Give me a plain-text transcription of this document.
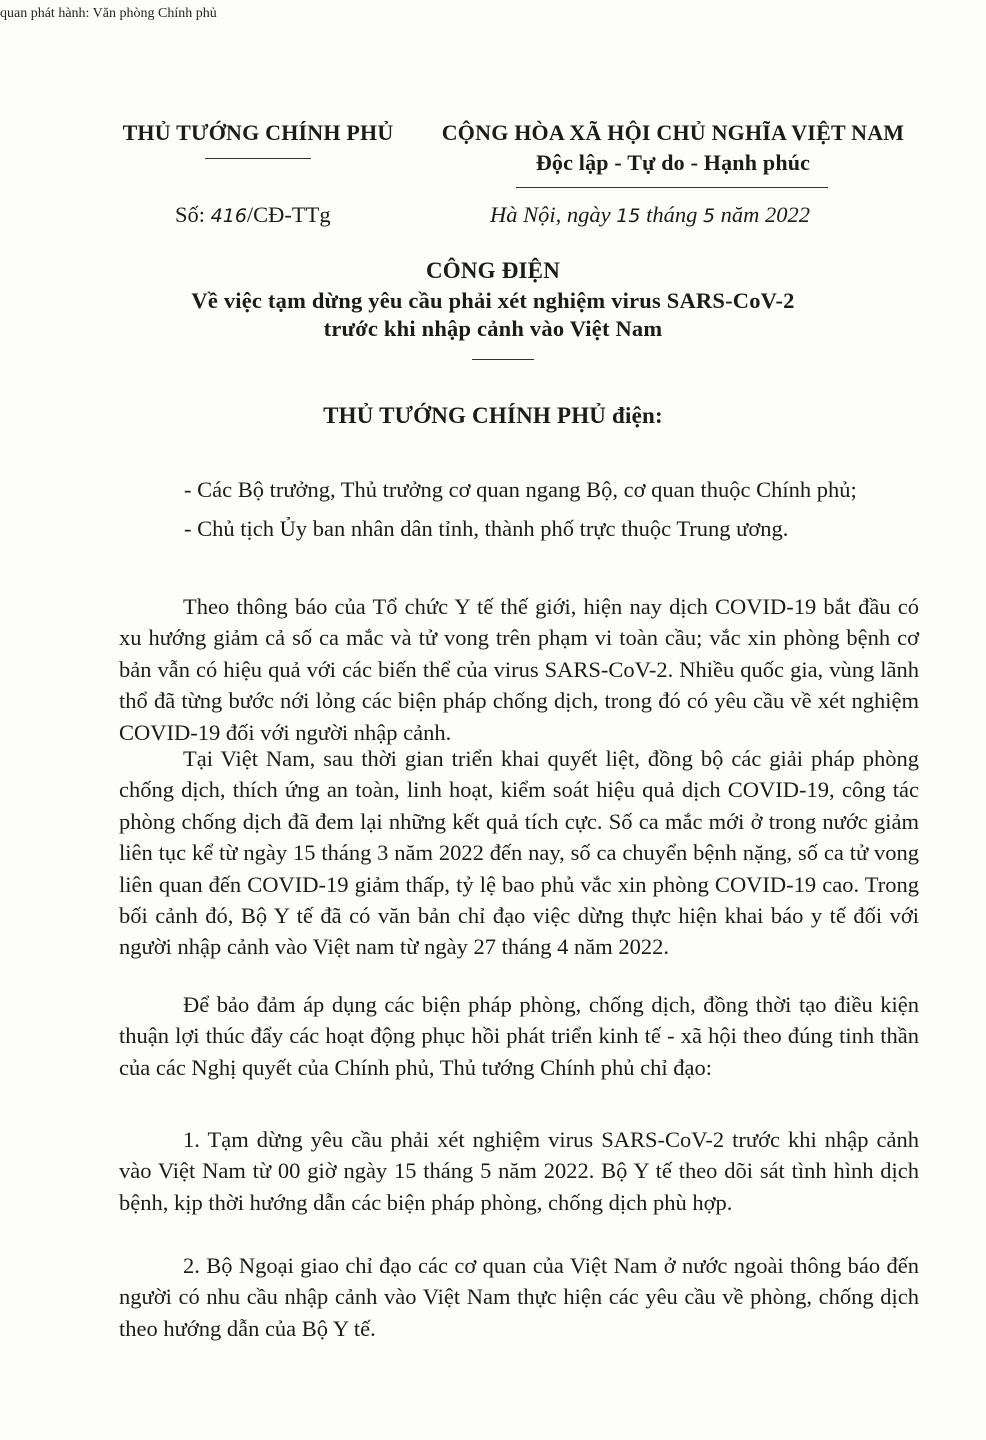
quan phát hành: Văn phòng Chính phủ
THỦ TƯỚNG CHÍNH PHỦ	CỘNG HÒA XÃ HỘI CHỦ NGHĨA VIỆT NAM
Độc lập - Tự do - Hạnh phúc
Số: 416/CĐ-TTg	Hà Nội, ngày 15 tháng 5 năm 2022
CÔNG ĐIỆN
Về việc tạm dừng yêu cầu phải xét nghiệm virus SARS-CoV-2
trước khi nhập cảnh vào Việt Nam
THỦ TƯỚNG CHÍNH PHỦ điện:
- Các Bộ trưởng, Thủ trưởng cơ quan ngang Bộ, cơ quan thuộc Chính phủ;
- Chủ tịch Ủy ban nhân dân tỉnh, thành phố trực thuộc Trung ương.
Theo thông báo của Tổ chức Y tế thế giới, hiện nay dịch COVID-19 bắt đầu có xu hướng giảm cả số ca mắc và tử vong trên phạm vi toàn cầu; vắc xin phòng bệnh cơ bản vẫn có hiệu quả với các biến thể của virus SARS-CoV-2. Nhiều quốc gia, vùng lãnh thổ đã từng bước nới lỏng các biện pháp chống dịch, trong đó có yêu cầu về xét nghiệm COVID-19 đối với người nhập cảnh.
Tại Việt Nam, sau thời gian triển khai quyết liệt, đồng bộ các giải pháp phòng chống dịch, thích ứng an toàn, linh hoạt, kiểm soát hiệu quả dịch COVID-19, công tác phòng chống dịch đã đem lại những kết quả tích cực. Số ca mắc mới ở trong nước giảm liên tục kể từ ngày 15 tháng 3 năm 2022 đến nay, số ca chuyển bệnh nặng, số ca tử vong liên quan đến COVID-19 giảm thấp, tỷ lệ bao phủ vắc xin phòng COVID-19 cao. Trong bối cảnh đó, Bộ Y tế đã có văn bản chỉ đạo việc dừng thực hiện khai báo y tế đối với người nhập cảnh vào Việt nam từ ngày 27 tháng 4 năm 2022.
Để bảo đảm áp dụng các biện pháp phòng, chống dịch, đồng thời tạo điều kiện thuận lợi thúc đẩy các hoạt động phục hồi phát triển kinh tế - xã hội theo đúng tinh thần của các Nghị quyết của Chính phủ, Thủ tướng Chính phủ chỉ đạo:
1. Tạm dừng yêu cầu phải xét nghiệm virus SARS-CoV-2 trước khi nhập cảnh vào Việt Nam từ 00 giờ ngày 15 tháng 5 năm 2022. Bộ Y tế theo dõi sát tình hình dịch bệnh, kịp thời hướng dẫn các biện pháp phòng, chống dịch phù hợp.
2. Bộ Ngoại giao chỉ đạo các cơ quan của Việt Nam ở nước ngoài thông báo đến người có nhu cầu nhập cảnh vào Việt Nam thực hiện các yêu cầu về phòng, chống dịch theo hướng dẫn của Bộ Y tế.
